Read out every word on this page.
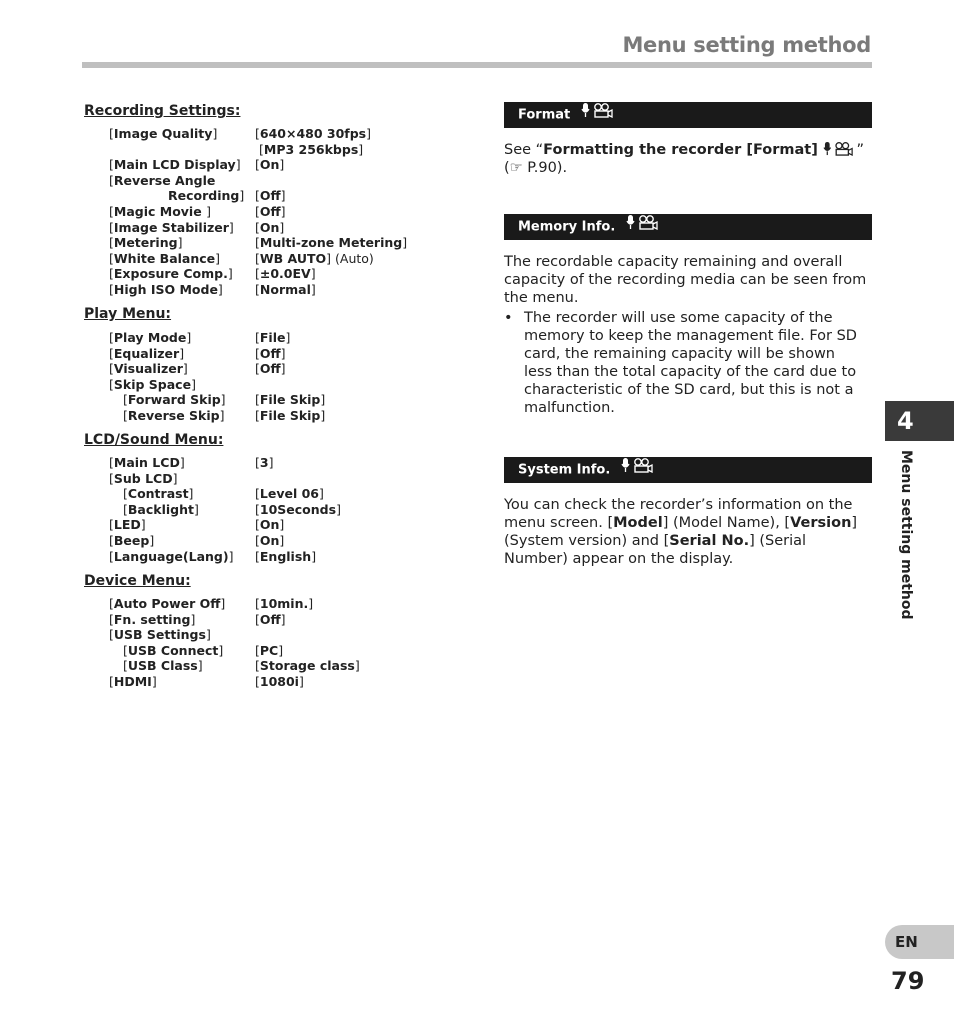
Menu setting method
Recording Settings:
[Image Quality]	[640×480 30fps]
[MP3 256kbps]
[Main LCD Display] [On]
[Reverse Angle
Recording] [Off]
[Magic Movie ]	[Off]
[Image Stabilizer] [On]
[Metering]	[Multi-zone Metering]
[White Balance]	[WB AUTO] (Auto)
[Exposure Comp.] [±0.0EV]
[High ISO Mode]	[Normal]
Play Menu:
[Play Mode]	[File]
[Equalizer]	[Off]
[Visualizer]	[Off]
[Skip Space]
[Forward Skip] [File Skip]
[Reverse Skip] [File Skip]
LCD/Sound Menu:
[Main LCD]	[3]
[Sub LCD]
[Contrast]	[Level 06]
[Backlight]	[10Seconds]
[LED]	[On]
[Beep]	[On]
[Language(Lang)] [English]
Device Menu:
[Auto Power Off] [10min.]
[Fn. setting]	[Off]
[USB Settings]
[USB Connect]	[PC]
[USB Class]	[Storage class]
[HDMI]	[1080i]
Format
See “Formatting the recorder [Format]	”
(☞ P.90).
Memory Info.
The recordable capacity remaining and overall capacity of the recording media can be seen from the menu.
• The recorder will use some capacity of the memory to keep the management file. For SD card, the remaining capacity will be shown less than the total capacity of the card due to characteristic of the SD card, but this is not a malfunction.
System Info.
You can check the recorder’s information on the menu screen. [Model] (Model Name), [Version] (System version) and [Serial No.] (Serial Number) appear on the display.
4
Menu setting method
EN
79
